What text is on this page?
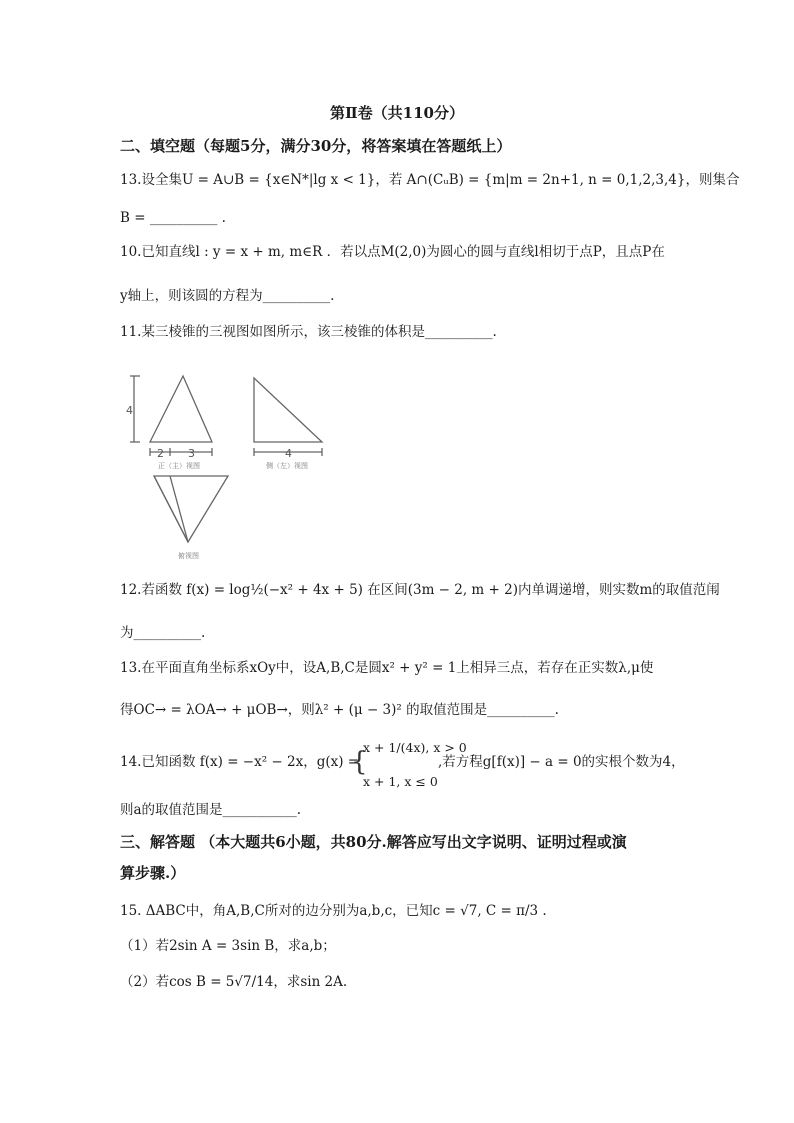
第Ⅱ卷（共110分）
二、填空题（每题5分，满分30分，将答案填在答题纸上）
13.设全集U = A∪B = {x∈N*|lg x < 1}，若 A∩(CᵤB) = {m|m = 2n+1, n = 0,1,2,3,4}，则集合
B = __________ .
10.已知直线l : y = x + m, m∈R ．若以点M(2,0)为圆心的圆与直线l相切于点P，且点P在
y轴上，则该圆的方程为__________.
11.某三棱锥的三视图如图所示，该三棱锥的体积是__________.
4
2 3	4
正（主）视图	侧（左）视图
俯视图
12.若函数 f(x) = log½(−x² + 4x + 5) 在区间(3m − 2, m + 2)内单调递增，则实数m的取值范闱
为__________.
13.在平面直角坐标系xOy中，设A,B,C是圆x² + y² = 1上相异三点，若存在正实数λ,μ使
得OC→ = λOA→ + μOB→，则λ² + (μ − 3)² 的取值范围是__________.
14.已知函数 f(x) = −x² − 2x，g(x) =
{
x + 1/(4x), x > 0
x + 1, x ≤ 0
,若方程g[f(x)] − a = 0的实根个数为4，
则a的取值范围是___________.
三、解答题 （本大题共6小题，共80分.解答应写出文字说明、证明过程或演
算步骤.）
15. ΔABC中，角A,B,C所对的边分别为a,b,c，已知c = √7, C = π/3 .
（1）若2sin A = 3sin B，求a,b；
（2）若cos B = 5√7/14，求sin 2A.
